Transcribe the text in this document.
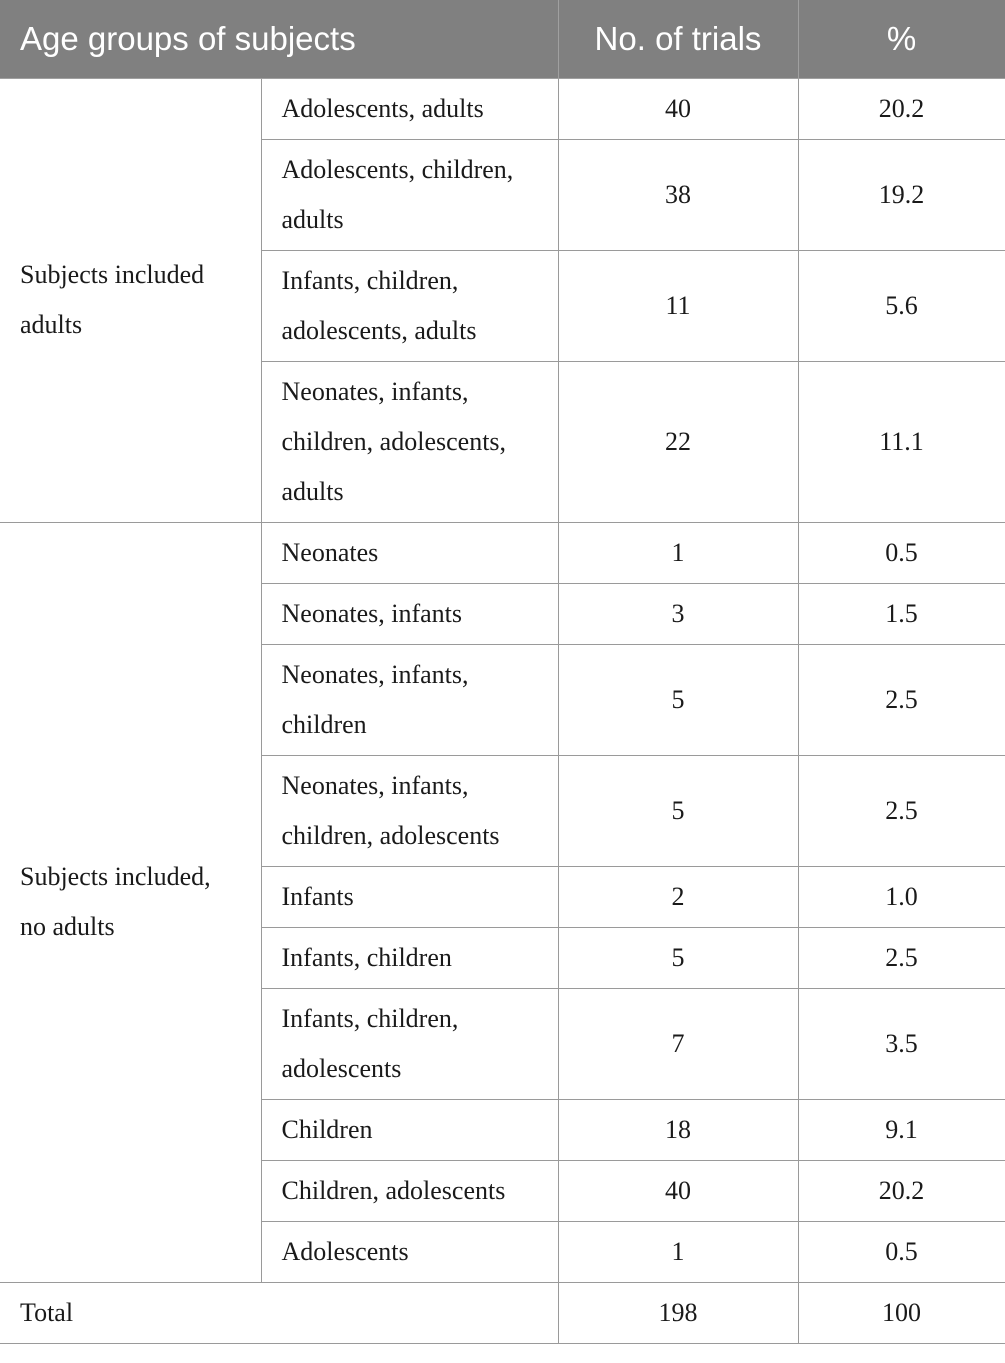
Age groups of subjects		No. of trials	%
Subjects included adults	Adolescents, adults	40	20.2
	Adolescents, children, adults	38	19.2
	Infants, children, adolescents, adults	11	5.6
	Neonates, infants, children, adolescents, adults	22	11.1
Subjects included, no adults	Neonates	1	0.5
	Neonates, infants	3	1.5
	Neonates, infants, children	5	2.5
	Neonates, infants, children, adolescents	5	2.5
	Infants	2	1.0
	Infants, children	5	2.5
	Infants, children, adolescents	7	3.5
	Children	18	9.1
	Children, adolescents	40	20.2
	Adolescents	1	0.5
Total		198	100
